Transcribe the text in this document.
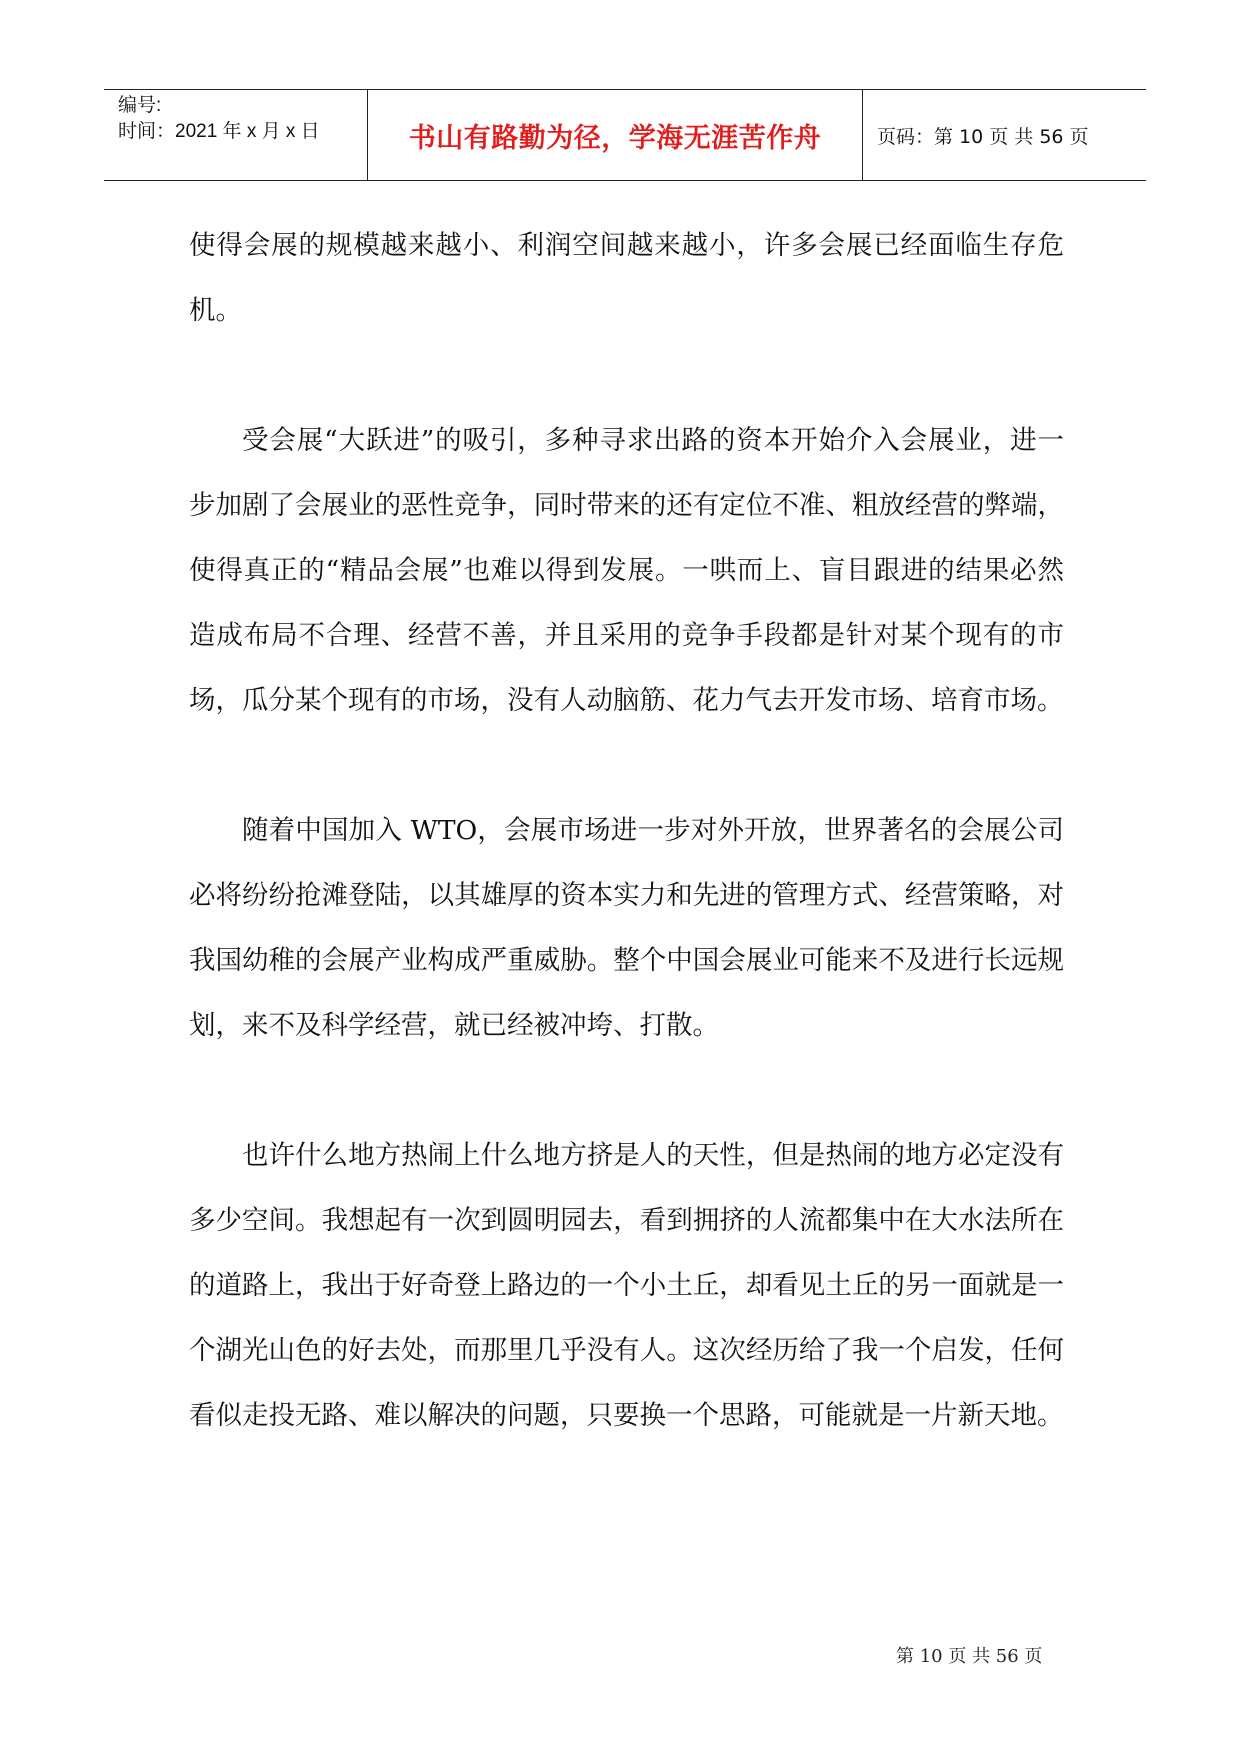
编号:
时间：2021 年 x 月 x 日	书山有路勤为径，学海无涯苦作舟	页码：第 10 页 共 56 页

使得会展的规模越来越小、利润空间越来越小，许多会展已经面临生存危机。

受会展“大跃进”的吸引，多种寻求出路的资本开始介入会展业，进一步加剧了会展业的恶性竞争，同时带来的还有定位不准、粗放经营的弊端，使得真正的“精品会展”也难以得到发展。一哄而上、盲目跟进的结果必然造成布局不合理、经营不善，并且采用的竞争手段都是针对某个现有的市场，瓜分某个现有的市场，没有人动脑筋、花力气去开发市场、培育市场。

随着中国加入 WTO，会展市场进一步对外开放，世界著名的会展公司必将纷纷抢滩登陆，以其雄厚的资本实力和先进的管理方式、经营策略，对我国幼稚的会展产业构成严重威胁。整个中国会展业可能来不及进行长远规划，来不及科学经营，就已经被冲垮、打散。

也许什么地方热闹上什么地方挤是人的天性，但是热闹的地方必定没有多少空间。我想起有一次到圆明园去，看到拥挤的人流都集中在大水法所在的道路上，我出于好奇登上路边的一个小土丘，却看见土丘的另一面就是一个湖光山色的好去处，而那里几乎没有人。这次经历给了我一个启发，任何看似走投无路、难以解决的问题，只要换一个思路，可能就是一片新天地。

第 10 页 共 56 页
